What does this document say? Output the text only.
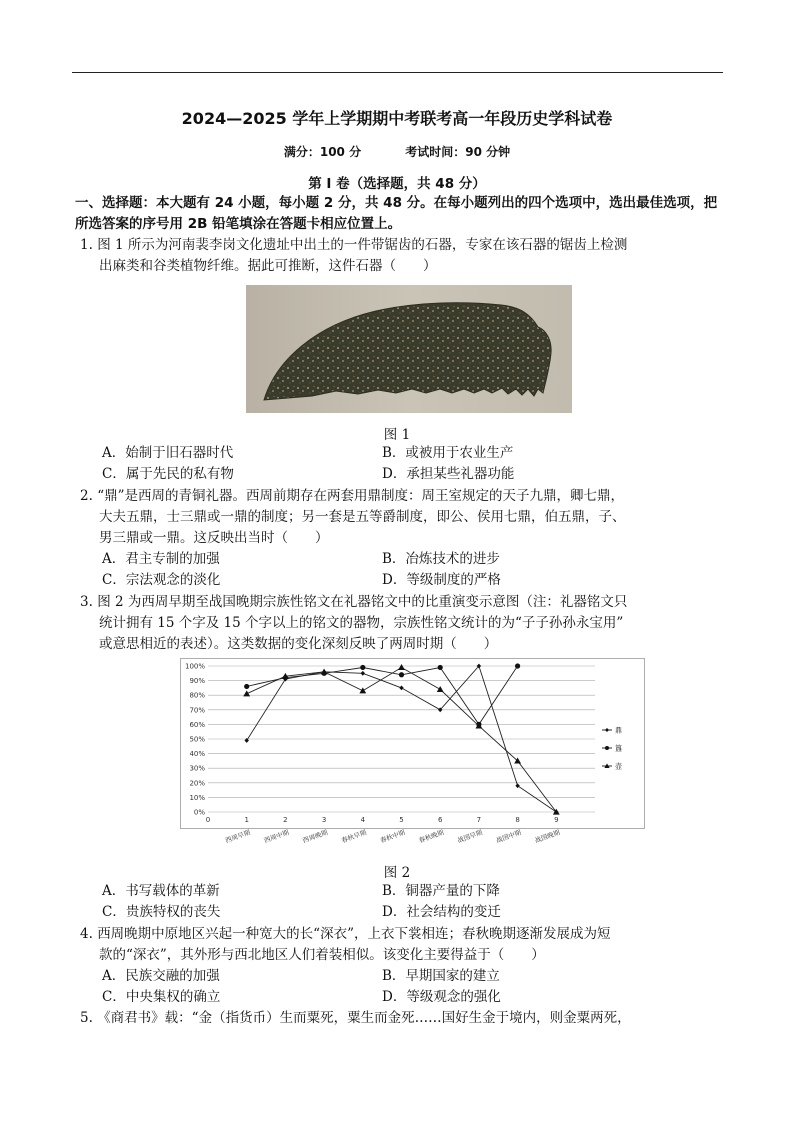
2024—2025 学年上学期期中考联考高一年段历史学科试卷
满分：100 分	考试时间：90 分钟
第 I 卷（选择题，共 48 分）
一、选择题：本大题有 24 小题，每小题 2 分，共 48 分。在每小题列出的四个选项中，选出最佳选项，把所选答案的序号用 2B 铅笔填涂在答题卡相应位置上。
1. 图 1 所示为河南裴李岗文化遗址中出土的一件带锯齿的石器，专家在该石器的锯齿上检测
出麻类和谷类植物纤维。据此可推断，这件石器（　　）
图 1
A．始制于旧石器时代	B．或被用于农业生产
C．属于先民的私有物	D．承担某些礼器功能
2. “鼎”是西周的青铜礼器。西周前期存在两套用鼎制度：周王室规定的天子九鼎，卿七鼎，
大夫五鼎，士三鼎或一鼎的制度；另一套是五等爵制度，即公、侯用七鼎，伯五鼎，子、
男三鼎或一鼎。这反映出当时（　　）
A．君主专制的加强	B．冶炼技术的进步
C．宗法观念的淡化	D．等级制度的严格
3. 图 2 为西周早期至战国晚期宗族性铭文在礼器铭文中的比重演变示意图（注：礼器铭文只
统计拥有 15 个字及 15 个字以上的铭文的器物，宗族性铭文统计的为“子子孙孙永宝用”
或意思相近的表述）。这类数据的变化深刻反映了两周时期（　　）
0%
10%
20%
30%
40%
50%
60%
70%
80%
90%
100%
0	1	2	3	4	5	6	7	8	9
西周早期 西周中期 西周晚期 春秋早期 春秋中期 春秋晚期 战国早期 战国中期 战国晚期
鼎
簋
壶
图 2
A．书写载体的革新	B．铜器产量的下降
C．贵族特权的丧失	D．社会结构的变迁
4. 西周晚期中原地区兴起一种宽大的长“深衣”，上衣下裳相连；春秋晚期逐渐发展成为短
款的“深衣”，其外形与西北地区人们着装相似。该变化主要得益于（　　）
A．民族交融的加强	B．早期国家的建立
C．中央集权的确立	D．等级观念的强化
5. 《商君书》载：“金（指货币）生而粟死，粟生而金死……国好生金于境内，则金粟两死，
